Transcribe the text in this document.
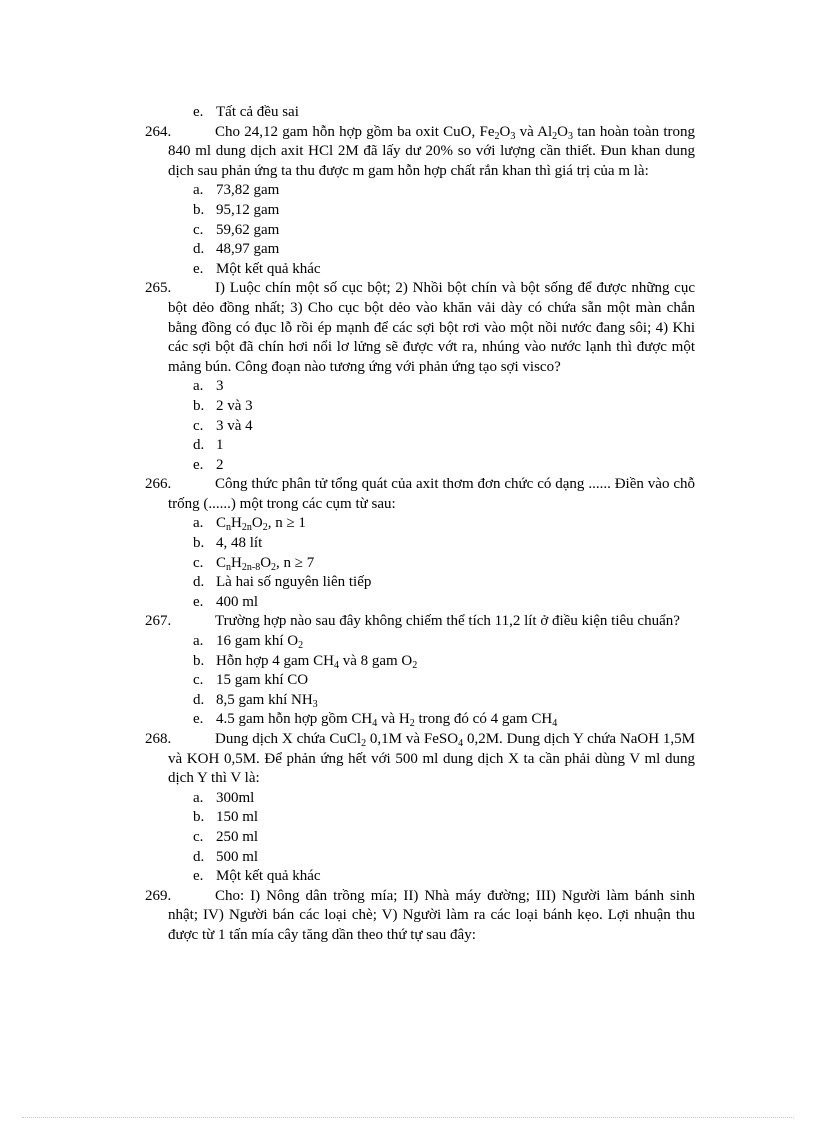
e. Tất cả đều sai
264.	Cho 24,12 gam hỗn hợp gồm ba oxit CuO, $Fe_2O_3$ và $Al_2O_3$ tan hoàn toàn trong 840 ml dung dịch axit HCl 2M đã lấy dư 20% so với lượng cần thiết. Đun khan dung dịch sau phản ứng ta thu được m gam hỗn hợp chất rắn khan thì giá trị của m là:
a. 73,82 gam
b. 95,12 gam
c. 59,62 gam
d. 48,97 gam
e. Một kết quả khác
265.	I) Luộc chín một số cục bột; 2) Nhồi bột chín và bột sống để được những cục bột dẻo đồng nhất; 3) Cho cục bột dẻo vào khăn vải dày có chứa sẵn một màn chắn bằng đồng có đục lỗ rồi ép mạnh để các sợi bột rơi vào một nồi nước đang sôi; 4) Khi các sợi bột đã chín hơi nổi lơ lửng sẽ được vớt ra, nhúng vào nước lạnh thì được một mảng bún. Công đoạn nào tương ứng với phản ứng tạo sợi visco?
a. 3
b. 2 và 3
c. 3 và 4
d. 1
e. 2
266.	Công thức phân tử tổng quát của axit thơm đơn chức có dạng ...... Điền vào chỗ trống (......) một trong các cụm từ sau:
a. $C_nH_{2n}O_2$, n ≥ 1
b. 4, 48 lít
c. $C_nH_{2n-8}O_2$, n ≥ 7
d. Là hai số nguyên liên tiếp
e. 400 ml
267.	Trường hợp nào sau đây không chiếm thể tích 11,2 lít ở điều kiện tiêu chuẩn?
a. 16 gam khí $O_2$
b. Hỗn hợp 4 gam $CH_4$ và 8 gam $O_2$
c. 15 gam khí CO
d. 8,5 gam khí $NH_3$
e. 4.5 gam hỗn hợp gồm $CH_4$ và $H_2$ trong đó có 4 gam $CH_4$
268.	Dung dịch X chứa CuCl$_2$ 0,1M và FeSO$_4$ 0,2M. Dung dịch Y chứa NaOH 1,5M và KOH 0,5M. Để phản ứng hết với 500 ml dung dịch X ta cần phải dùng V ml dung dịch Y thì V là:
a. 300ml
b. 150 ml
c. 250 ml
d. 500 ml
e. Một kết quả khác
269.	Cho: I) Nông dân trồng mía; II) Nhà máy đường; III) Người làm bánh sinh nhật; IV) Người bán các loại chè; V) Người làm ra các loại bánh kẹo. Lợi nhuận thu được từ 1 tấn mía cây tăng dần theo thứ tự sau đây:
